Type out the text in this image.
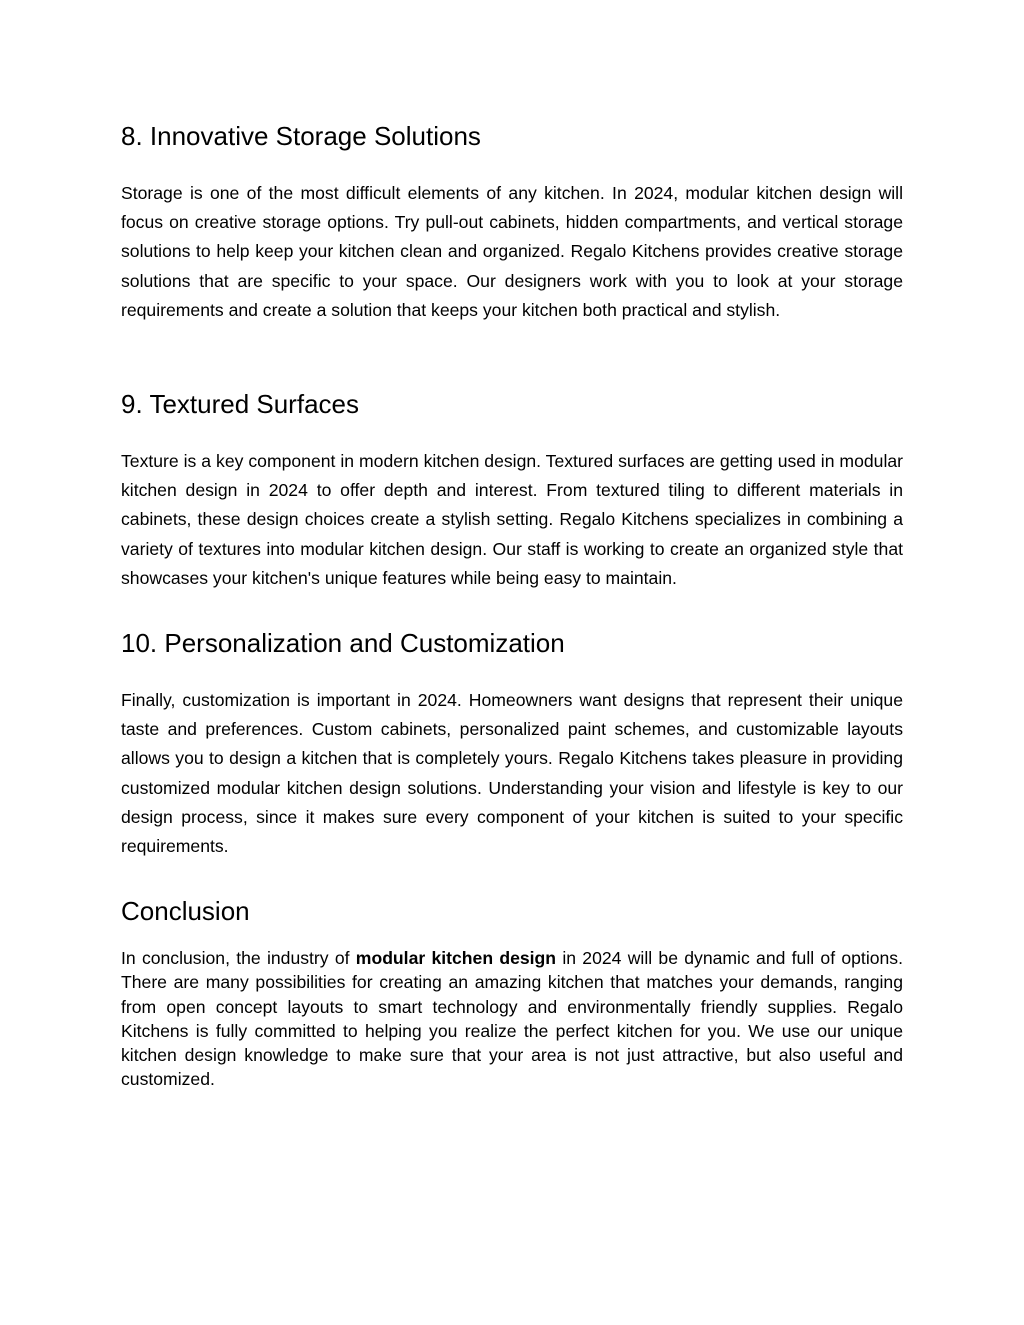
8. Innovative Storage Solutions

Storage is one of the most difficult elements of any kitchen. In 2024, modular kitchen design will focus on creative storage options. Try pull-out cabinets, hidden compartments, and vertical storage solutions to help keep your kitchen clean and organized. Regalo Kitchens provides creative storage solutions that are specific to your space. Our designers work with you to look at your storage requirements and create a solution that keeps your kitchen both practical and stylish.

9. Textured Surfaces

Texture is a key component in modern kitchen design. Textured surfaces are getting used in modular kitchen design in 2024 to offer depth and interest. From textured tiling to different materials in cabinets, these design choices create a stylish setting. Regalo Kitchens specializes in combining a variety of textures into modular kitchen design. Our staff is working to create an organized style that showcases your kitchen's unique features while being easy to maintain.

10. Personalization and Customization

Finally, customization is important in 2024. Homeowners want designs that represent their unique taste and preferences. Custom cabinets, personalized paint schemes, and customizable layouts allows you to design a kitchen that is completely yours. Regalo Kitchens takes pleasure in providing customized modular kitchen design solutions. Understanding your vision and lifestyle is key to our design process, since it makes sure every component of your kitchen is suited to your specific requirements.

Conclusion

In conclusion, the industry of modular kitchen design in 2024 will be dynamic and full of options. There are many possibilities for creating an amazing kitchen that matches your demands, ranging from open concept layouts to smart technology and environmentally friendly supplies. Regalo Kitchens is fully committed to helping you realize the perfect kitchen for you. We use our unique kitchen design knowledge to make sure that your area is not just attractive, but also useful and customized.
